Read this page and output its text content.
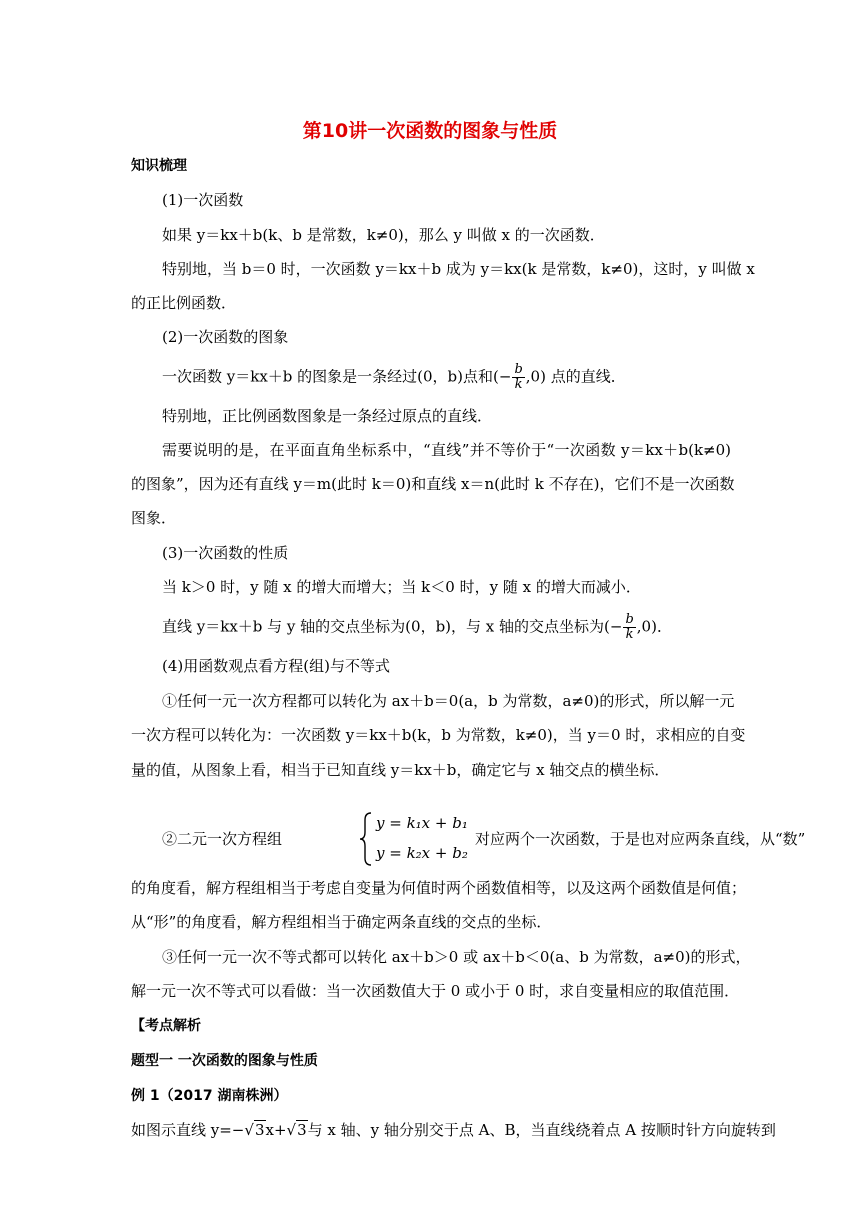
第10讲一次函数的图象与性质
知识梳理
(1)一次函数
如果 y＝kx＋b(k、b 是常数，k≠0)，那么 y 叫做 x 的一次函数．
特别地，当 b＝0 时，一次函数 y＝kx＋b 成为 y＝kx(k 是常数，k≠0)，这时，y 叫做 x
的正比例函数．
(2)一次函数的图象
一次函数 y＝kx＋b 的图象是一条经过(0，b)点和(− $\frac{b}{k} ,0$) 点的直线．
特别地，正比例函数图象是一条经过原点的直线．
需要说明的是，在平面直角坐标系中，“直线”并不等价于“一次函数 y＝kx＋b(k≠0)
的图象”，因为还有直线 y＝m(此时 k＝0)和直线 x＝n(此时 k 不存在)，它们不是一次函数
图象．
(3)一次函数的性质
当 k＞0 时，y 随 x 的增大而增大；当 k＜0 时，y 随 x 的增大而减小．
直线 y＝kx＋b 与 y 轴的交点坐标为(0，b)，与 x 轴的交点坐标为(− $\frac{b}{k} ,0$)．
(4)用函数观点看方程(组)与不等式
①任何一元一次方程都可以转化为 ax＋b＝0(a，b 为常数，a≠0)的形式，所以解一元
一次方程可以转化为：一次函数 y＝kx＋b(k，b 为常数，k≠0)，当 y＝0 时，求相应的自变
量的值，从图象上看，相当于已知直线 y＝kx＋b，确定它与 x 轴交点的横坐标．
②二元一次方程组
y = k₁x + b₁
y = k₂x + b₂
对应两个一次函数，于是也对应两条直线，从“数”
的角度看，解方程组相当于考虑自变量为何值时两个函数值相等，以及这两个函数值是何值；
从“形”的角度看，解方程组相当于确定两条直线的交点的坐标．
③任何一元一次不等式都可以转化 ax＋b＞0 或 ax＋b＜0(a、b 为常数，a≠0)的形式，
解一元一次不等式可以看做：当一次函数值大于 0 或小于 0 时，求自变量相应的取值范围．
【考点解析
题型一 一次函数的图象与性质
例 1（2017 湖南株洲）
如图示直线 y=−√3x+√3与 x 轴、y 轴分别交于点 A、B，当直线绕着点 A 按顺时针方向旋转到
